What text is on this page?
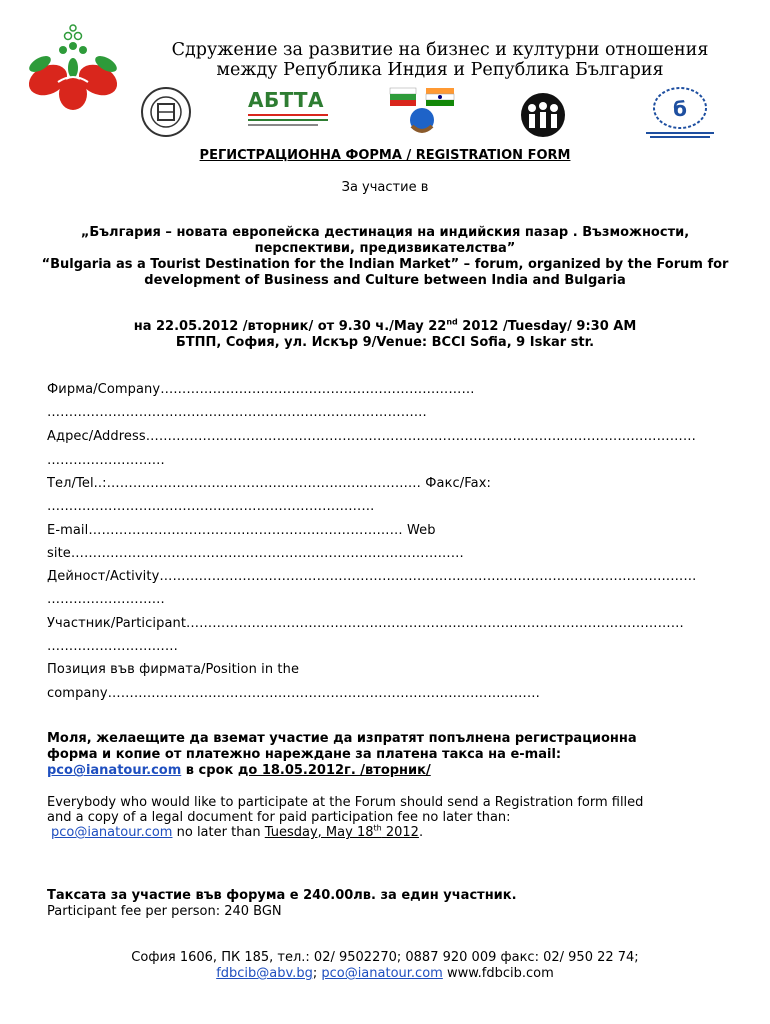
Сдружение за развитие на бизнес и културни отношения
между Република Индия и Република България
АБТТА	б
РЕГИСТРАЦИОННА ФОРМА / REGISTRATION FORM
За участие в
„България – новата европейска дестинация на индийския пазар . Възможности, перспективи, предизвикателства”
“Bulgaria as a Tourist Destination for the Indian Market” – forum, organized by the Forum for development of Business and Culture between India and Bulgaria
на 22.05.2012 /вторник/ от 9.30 ч./May 22nd 2012 /Tuesday/ 9:30 AM
БТПП, София, ул. Искър 9/Venue: BCCI Sofia, 9 Iskar str.
Фирма/Company………………………………………………………………
……………………………………………………………………………
Адрес/Address………………………………………………………………………………………………………………
………………………
Тел/Tel..:……………………………………………………………… Факс/Fax:
…………………………………………………………………
E-mail……………………………………………………………… Web
site………………………………………………………………………………
Дейност/Activity……………………………………………………………………………………………………………
………………………
Участник/Participant……………………………………………………………………………………………………
…………………………
Позиция във фирмата/Position in the
company………………………………………………………………………………………
Моля, желаещите да вземат участие да изпратят попълнена регистрационна
форма и копие от платежно нареждане за платена такса на e-mail:
pco@ianatour.com в срок до 18.05.2012г. /вторник/
Everybody who would like to participate at the Forum should send a Registration form filled
and a copy of a legal document for paid participation fee no later than:
pco@ianatour.com no later than Tuesday, May 18th 2012.
Таксата за участие във форума е 240.00лв. за един участник.
Participant fee per person: 240 BGN
София 1606, ПК 185, тел.: 02/ 9502270; 0887 920 009 факс: 02/ 950 22 74;
fdbcib@abv.bg; pco@ianatour.com www.fdbcib.com
